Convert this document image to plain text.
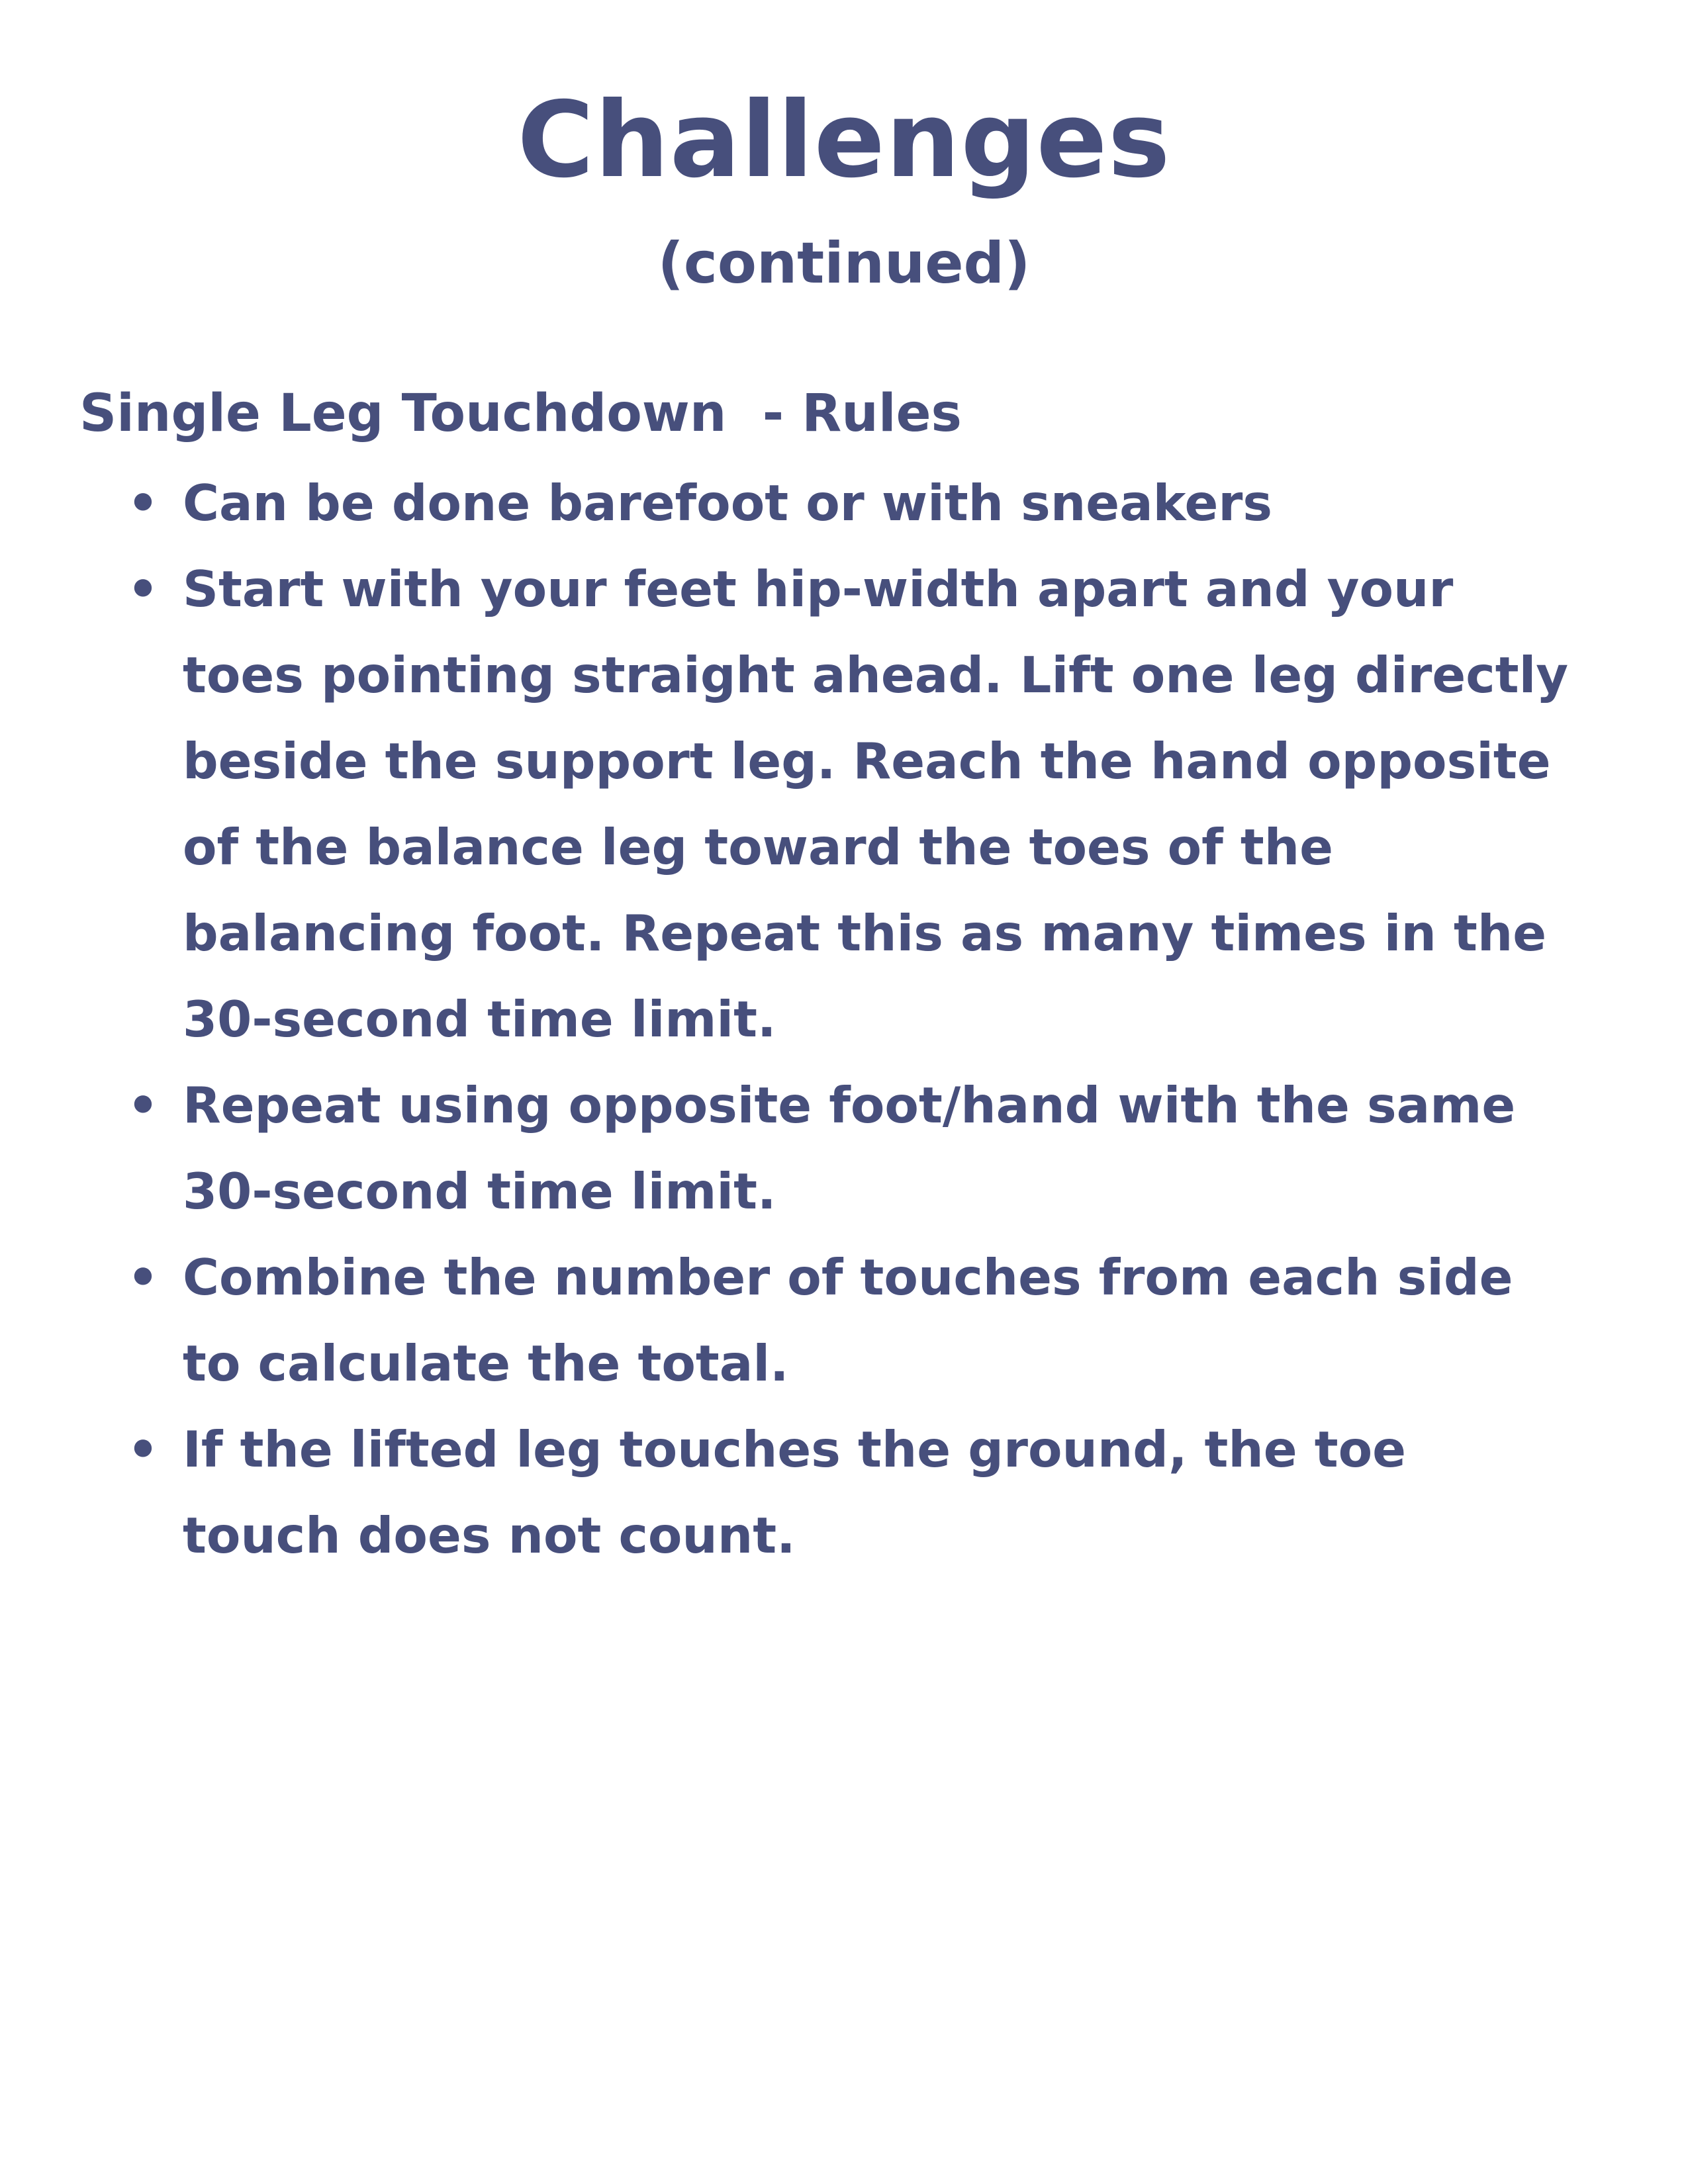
Challenges
(continued)
Single Leg Touchdown  - Rules
• Can be done barefoot or with sneakers
• Start with your feet hip-width apart and your toes pointing straight ahead. Lift one leg directly beside the support leg. Reach the hand opposite of the balance leg toward the toes of the balancing foot. Repeat this as many times in the 30-second time limit.
• Repeat using opposite foot/hand with the same 30-second time limit.
• Combine the number of touches from each side to calculate the total.
• If the lifted leg touches the ground, the toe touch does not count.
